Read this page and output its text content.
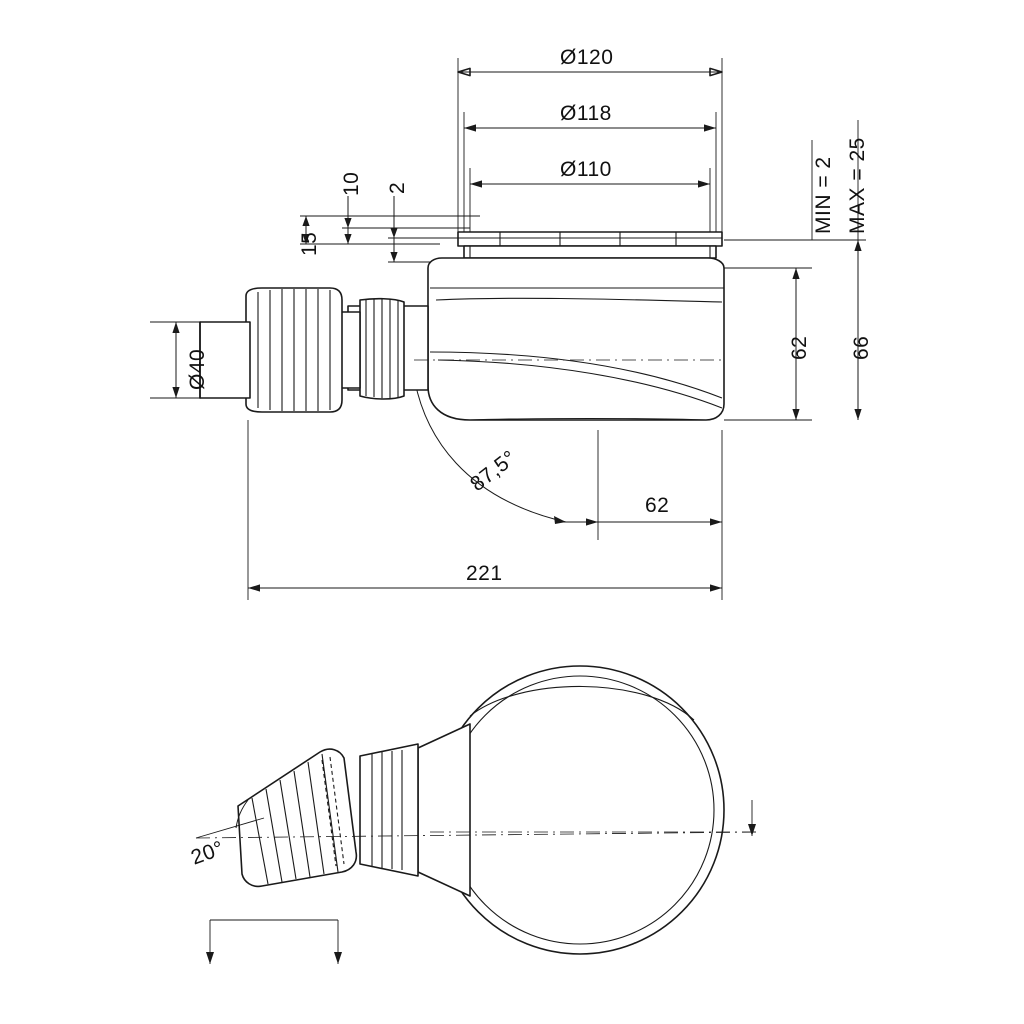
Ø120
Ø118
Ø110
15
10 2
62 66
MIN = 2 MAX = 25
Ø40
87,5°
62
221
20°
